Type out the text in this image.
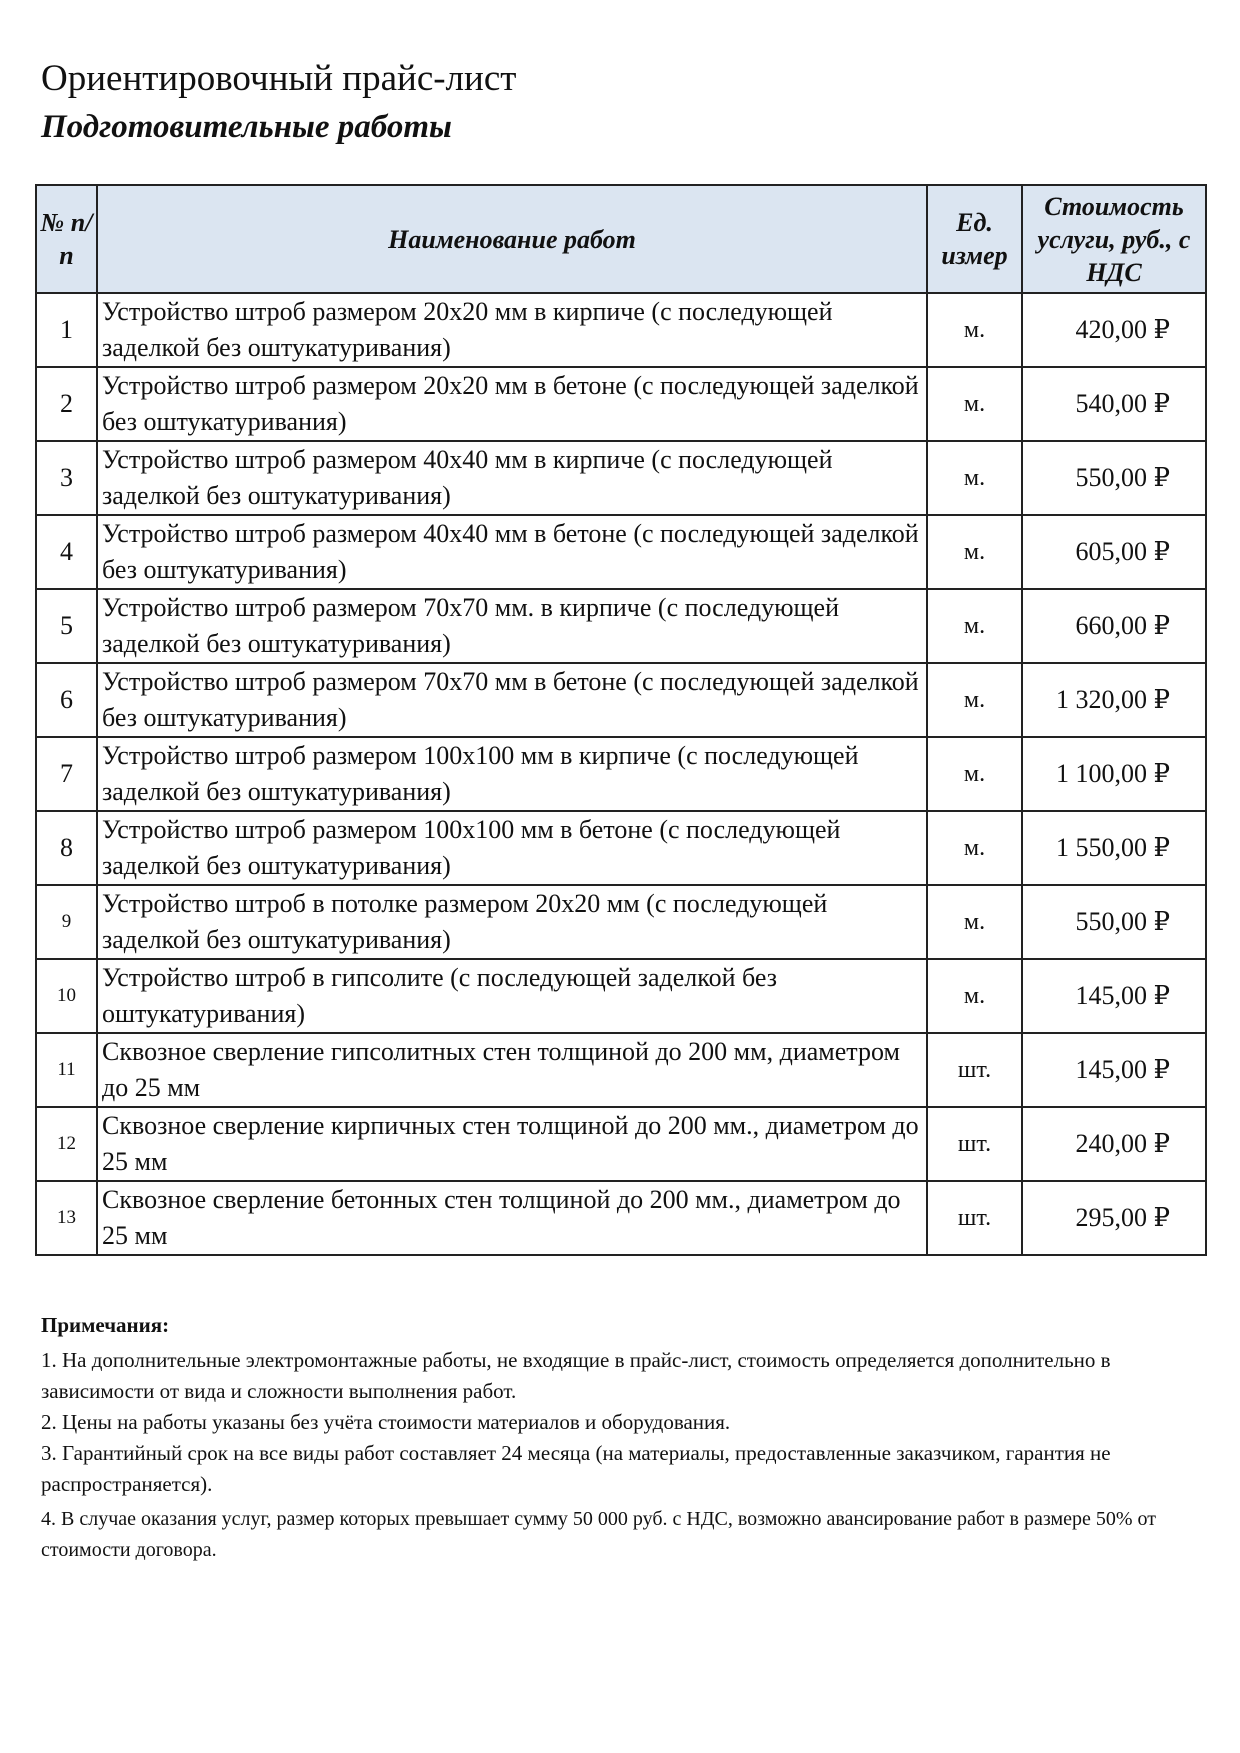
Ориентировочный прайс-лист
Подготовительные работы
№ п/п	Наименование работ	Ед. измер	Стоимость услуги, руб., с НДС
1	Устройство штроб размером 20х20 мм в кирпиче (с последующей заделкой без оштукатуривания)	м.	420,00 ₽
2	Устройство штроб размером 20х20 мм в бетоне (с последующей заделкой без оштукатуривания)	м.	540,00 ₽
3	Устройство штроб размером 40х40 мм в кирпиче (с последующей заделкой без оштукатуривания)	м.	550,00 ₽
4	Устройство штроб размером 40х40 мм в бетоне (с последующей заделкой без оштукатуривания)	м.	605,00 ₽
5	Устройство штроб размером 70х70 мм. в кирпиче (с последующей заделкой без оштукатуривания)	м.	660,00 ₽
6	Устройство штроб размером 70х70 мм в бетоне (с последующей заделкой без оштукатуривания)	м.	1 320,00 ₽
7	Устройство штроб размером 100х100 мм в кирпиче (с последующей заделкой без оштукатуривания)	м.	1 100,00 ₽
8	Устройство штроб размером 100х100 мм в бетоне (с последующей заделкой без оштукатуривания)	м.	1 550,00 ₽
9	Устройство штроб в потолке размером 20х20 мм (с последующей заделкой без оштукатуривания)	м.	550,00 ₽
10	Устройство штроб в гипсолите (с последующей заделкой без оштукатуривания)	м.	145,00 ₽
11	Сквозное сверление гипсолитных стен толщиной до 200 мм, диаметром до 25 мм	шт.	145,00 ₽
12	Сквозное сверление кирпичных стен толщиной до 200 мм., диаметром до 25 мм	шт.	240,00 ₽
13	Сквозное сверление бетонных стен толщиной до 200 мм., диаметром до 25 мм	шт.	295,00 ₽
Примечания:

1. На дополнительные электромонтажные работы, не входящие в прайс-лист, стоимость определяется дополнительно в зависимости от вида и сложности выполнения работ.

2. Цены на работы указаны без учёта стоимости материалов и оборудования.

3. Гарантийный срок на все виды работ составляет 24 месяца (на материалы, предоставленные заказчиком, гарантия не распространяется).

4. В случае оказания услуг, размер которых превышает сумму 50 000 руб. с НДС, возможно авансирование работ в размере 50% от стоимости договора.
